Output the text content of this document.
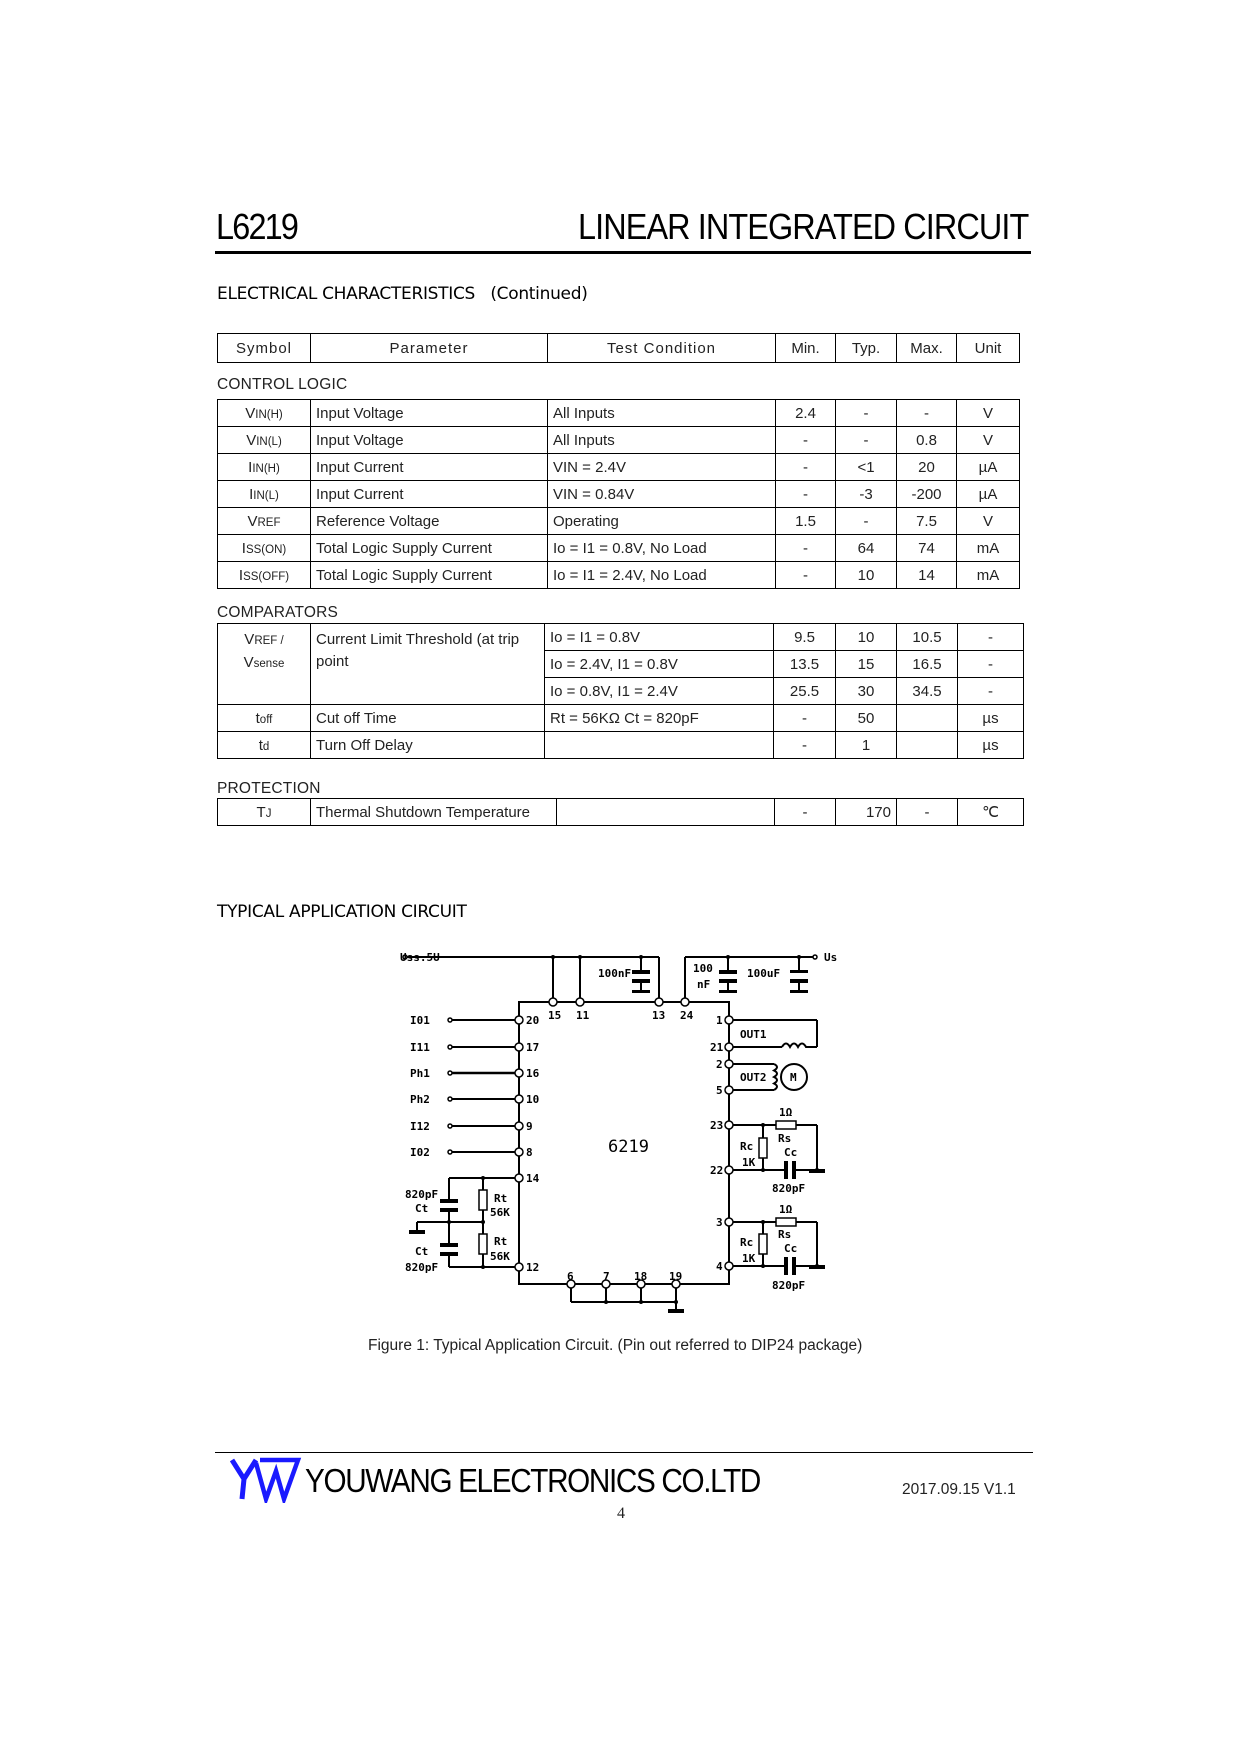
L6219	LINEAR INTEGRATED CIRCUIT
ELECTRICAL CHARACTERISTICS   (Continued)
Symbol	Parameter	Test Condition	Min.	Typ.	Max.	Unit
CONTROL LOGIC
VIN(H)	Input Voltage	All Inputs	2.4	-	-	V
VIN(L)	Input Voltage	All Inputs	-	-	0.8	V
IIN(H)	Input Current	VIN = 2.4V	-	<1	20	µA
IIN(L)	Input Current	VIN = 0.84V	-	-3	-200	µA
VREF	Reference Voltage	Operating	1.5	-	7.5	V
ISS(ON)	Total Logic Supply Current	Io = I1 = 0.8V, No Load	-	64	74	mA
ISS(OFF)	Total Logic Supply Current	Io = I1 = 2.4V, No Load	-	10	14	mA
COMPARATORS
VREF /
Vsense	Current Limit Threshold (at trip point	Io = I1 = 0.8V	9.5	10	10.5	-
		Io = 2.4V, I1 = 0.8V	13.5	15	16.5	-
		Io = 0.8V, I1 = 2.4V	25.5	30	34.5	-
toff	Cut off Time	Rt = 56KΩ Ct = 820pF	-	50		µs
td	Turn Off Delay		-	1		µs
PROTECTION
TJ	Thermal Shutdown Temperature		-	170	-	℃
TYPICAL APPLICATION CIRCUIT
Uss.5U	Us
100nF	100
nF
100uF
6219
I01
I11
Ph1
Ph2
I12
I02
20
17
16
10
9
8
14
12
15 11	13 24 1
21
2
5
23
22
3
4
6	7 18 19
OUT1
OUT2 M
820pF
Ct
Ct
820pF
Rt
56K
Rt
56K
1Ω
Rs
Cc
Rc
1K
820pF
1Ω
Rs
Cc
Rc
1K
820pF
Figure 1: Typical Application Circuit. (Pin out referred to DIP24 package)
YOUWANG ELECTRONICS CO.LTD	2017.09.15 V1.1
4
